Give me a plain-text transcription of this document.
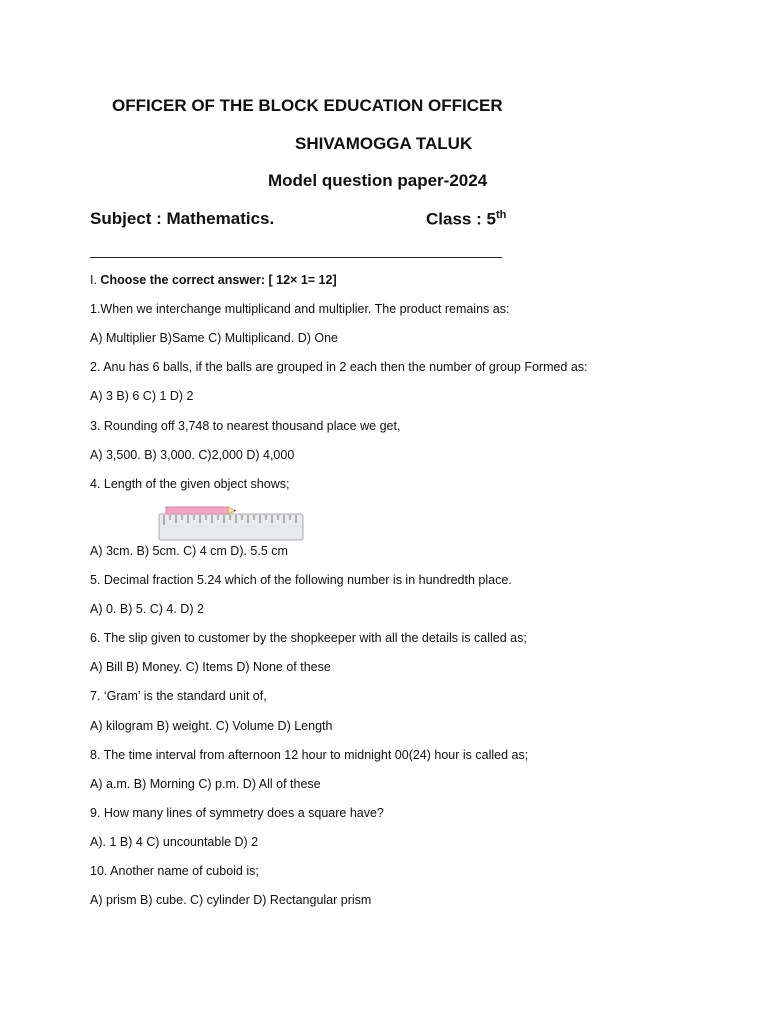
OFFICER OF THE BLOCK EDUCATION OFFICER
SHIVAMOGGA TALUK
Model question paper-2024
Subject : Mathematics.	Class : 5th
I. Choose the correct answer: [ 12× 1= 12]
1.When we interchange multiplicand and multiplier. The product remains as:
A) Multiplier B)Same C) Multiplicand. D) One
2. Anu has 6 balls, if the balls are grouped in 2 each then the number of group Formed as:
A) 3 B) 6 C) 1 D) 2
3. Rounding off 3,748 to nearest thousand place we get,
A) 3,500. B) 3,000. C)2,000 D) 4,000
4. Length of the given object shows;
A) 3cm. B) 5cm. C) 4 cm D). 5.5 cm
5. Decimal fraction 5.24 which of the following number is in hundredth place.
A) 0. B) 5. C) 4. D) 2
6. The slip given to customer by the shopkeeper with all the details is called as;
A) Bill B) Money. C) Items D) None of these
7. ‘Gram’ is the standard unit of,
A) kilogram B) weight. C) Volume D) Length
8. The time interval from afternoon 12 hour to midnight 00(24) hour is called as;
A) a.m. B) Morning C) p.m. D) All of these
9. How many lines of symmetry does a square have?
A). 1 B) 4 C) uncountable D) 2
10. Another name of cuboid is;
A) prism B) cube. C) cylinder D) Rectangular prism
